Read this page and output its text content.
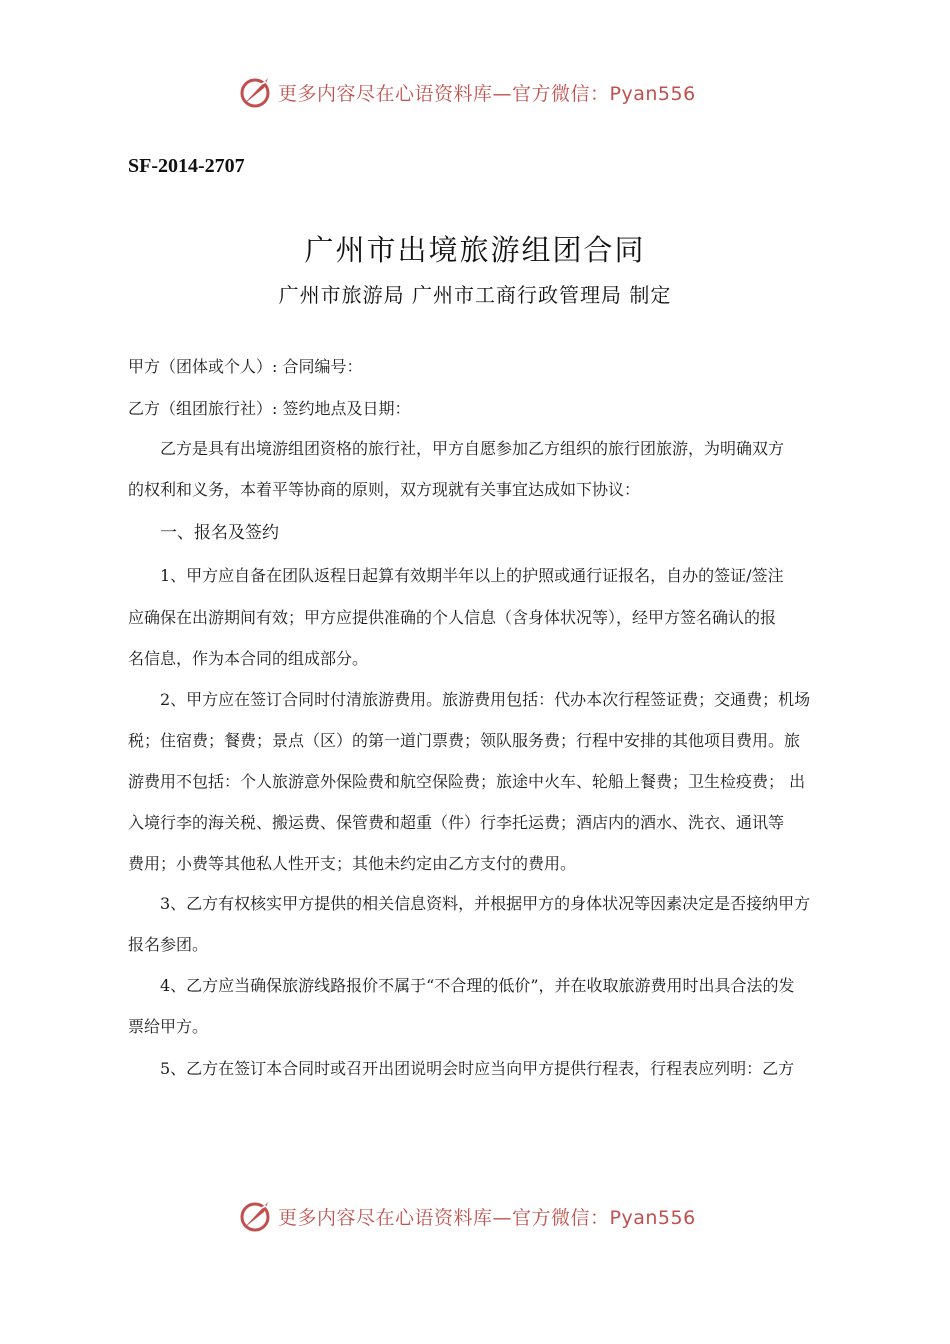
更多内容尽在心语资料库—官方微信：Pyan556
SF-2014-2707
广州市出境旅游组团合同
广州市旅游局 广州市工商行政管理局 制定
甲方（团体或个人）: 合同编号：
乙方（组团旅行社）: 签约地点及日期：
乙方是具有出境游组团资格的旅行社，甲方自愿参加乙方组织的旅行团旅游，为明确双方
的权利和义务，本着平等协商的原则，双方现就有关事宜达成如下协议：
一、报名及签约
1、甲方应自备在团队返程日起算有效期半年以上的护照或通行证报名，自办的签证/签注
应确保在出游期间有效；甲方应提供准确的个人信息（含身体状况等），经甲方签名确认的报
名信息，作为本合同的组成部分。
2、甲方应在签订合同时付清旅游费用。旅游费用包括：代办本次行程签证费；交通费；机场
税；住宿费；餐费；景点（区）的第一道门票费；领队服务费；行程中安排的其他项目费用。旅
游费用不包括：个人旅游意外保险费和航空保险费；旅途中火车、轮船上餐费；卫生检疫费； 出
入境行李的海关税、搬运费、保管费和超重（件）行李托运费；酒店内的酒水、洗衣、通讯等
费用；小费等其他私人性开支；其他未约定由乙方支付的费用。
3、乙方有权核实甲方提供的相关信息资料，并根据甲方的身体状况等因素决定是否接纳甲方
报名参团。
4、乙方应当确保旅游线路报价不属于“不合理的低价”，并在收取旅游费用时出具合法的发
票给甲方。
5、乙方在签订本合同时或召开出团说明会时应当向甲方提供行程表，行程表应列明：乙方
更多内容尽在心语资料库—官方微信：Pyan556
